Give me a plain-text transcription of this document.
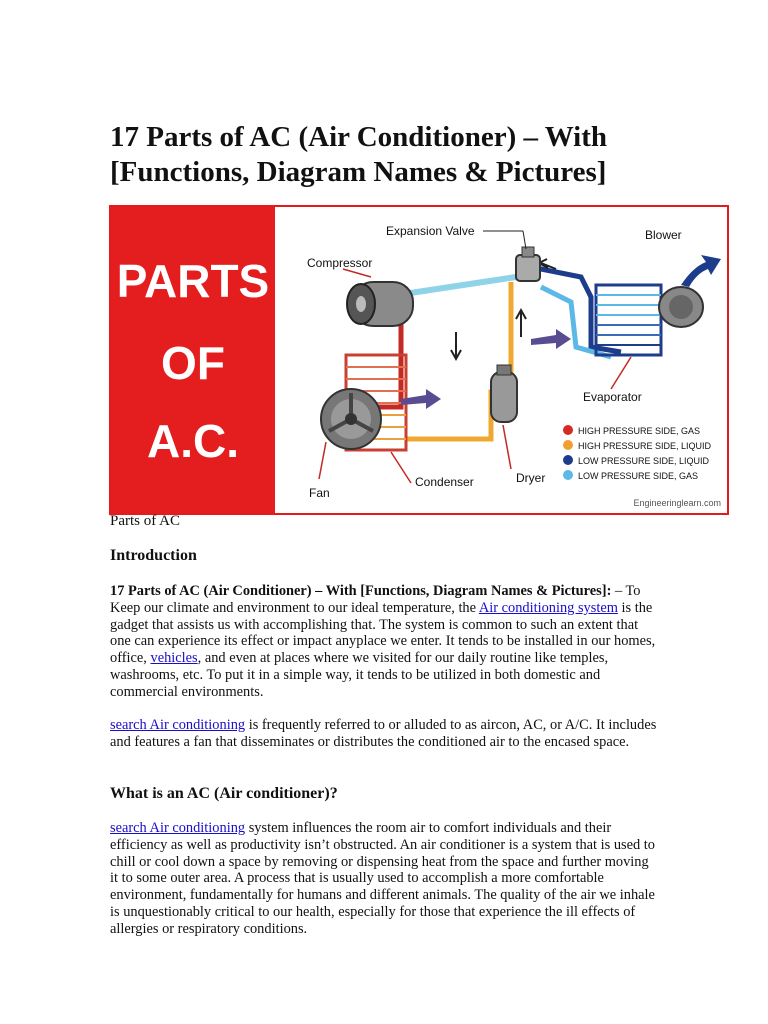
17 Parts of AC (Air Conditioner) – With [Functions, Diagram Names & Pictures]
PARTS
OF
A.C.
Expansion Valve	Blower
Compressor
Evaporator
Fan
Condenser	Dryer
HIGH PRESSURE SIDE, GAS
HIGH PRESSURE SIDE, LIQUID
LOW PRESSURE SIDE, LIQUID
LOW PRESSURE SIDE, GAS
Engineeringlearn.com
Parts of AC
Introduction

17 Parts of AC (Air Conditioner) – With [Functions, Diagram Names & Pictures]: – To Keep our climate and environment to our ideal temperature, the Air conditioning system is the gadget that assists us with accomplishing that. The system is common to such an extent that one can experience its effect or impact anyplace we enter. It tends to be installed in our homes, office, vehicles, and even at places where we visited for our daily routine like temples, washrooms, etc. To put it in a simple way, it tends to be utilized in both domestic and commercial environments.

search Air conditioning is frequently referred to or alluded to as aircon, AC, or A/C. It includes and features a fan that disseminates or distributes the conditioned air to the encased space.

What is an AC (Air conditioner)?

search Air conditioning system influences the room air to comfort individuals and their efficiency as well as productivity isn’t obstructed. An air conditioner is a system that is used to chill or cool down a space by removing or dispensing heat from the space and further moving it to some outer area. A process that is usually used to accomplish a more comfortable environment, fundamentally for humans and different animals. The quality of the air we inhale is unquestionably critical to our health, especially for those that experience the ill effects of allergies or respiratory conditions.
